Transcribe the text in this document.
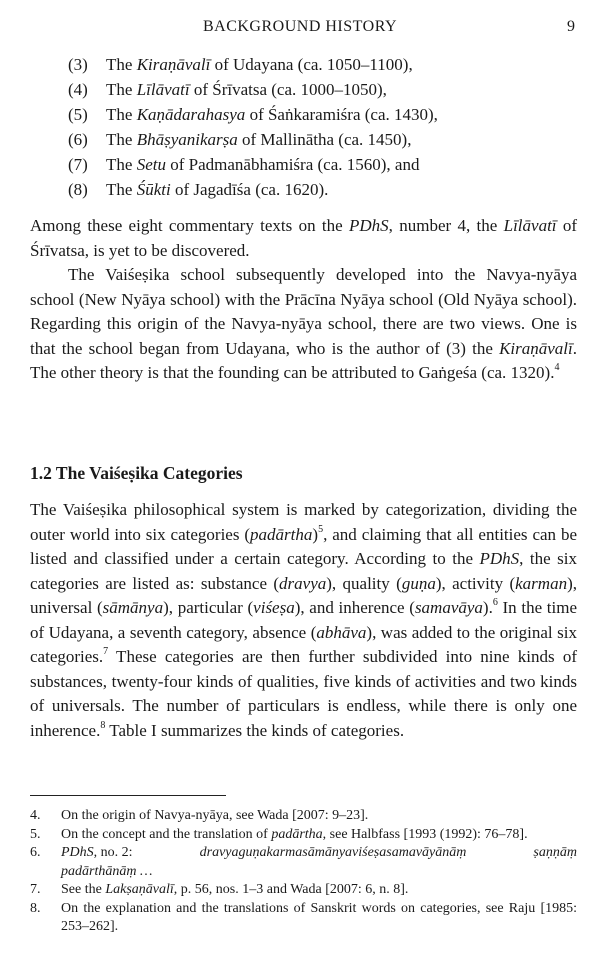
BACKGROUND HISTORY	9
(3) The Kiraṇāvalī of Udayana (ca. 1050–1100),
(4) The Līlāvatī of Śrīvatsa (ca. 1000–1050),
(5) The Kaṇādarahasya of Śaṅkaramiśra (ca. 1430),
(6) The Bhāṣyanikarṣa of Mallinātha (ca. 1450),
(7) The Setu of Padmanābhamiśra (ca. 1560), and
(8) The Śūkti of Jagadīśa (ca. 1620).

Among these eight commentary texts on the PDhS, number 4, the Līlāvatī of Śrīvatsa, is yet to be discovered.

The Vaiśeṣika school subsequently developed into the Navya-nyāya school (New Nyāya school) with the Prācīna Nyāya school (Old Nyāya school). Regarding this origin of the Navya-nyāya school, there are two views. One is that the school began from Udayana, who is the author of (3) the Kiraṇāvalī. The other theory is that the founding can be attributed to Gaṅgeśa (ca. 1320).$^4$

1.2 The Vaiśeṣika Categories

The Vaiśeṣika philosophical system is marked by categorization, dividing the outer world into six categories (padārtha)$^5$, and claiming that all entities can be listed and classified under a certain category. According to the PDhS, the six categories are listed as: substance (dravya), quality (guṇa), activity (karman), universal (sāmānya), particular (viśeṣa), and inherence (samavāya).$^6$ In the time of Udayana, a seventh category, absence (abhāva), was added to the original six categories.$^7$ These categories are then further subdivided into nine kinds of substances, twenty-four kinds of qualities, five kinds of activities and two kinds of universals. The number of particulars is endless, while there is only one inherence.$^8$ Table I summarizes the kinds of categories.

4.	On the origin of Navya-nyāya, see Wada [2007: 9–23].
5.	On the concept and the translation of padārtha, see Halbfass [1993 (1992): 76–78].
6.	PDhS, no. 2:	dravyaguṇakarmasāmānyaviśeṣasamavāyānāṃ	ṣaṇṇāṃ
padārthānāṃ …
7.	See the Lakṣaṇāvalī, p. 56, nos. 1–3 and Wada [2007: 6, n. 8].
8.	On the explanation and the translations of Sanskrit words on categories, see Raju [1985: 253–262].
